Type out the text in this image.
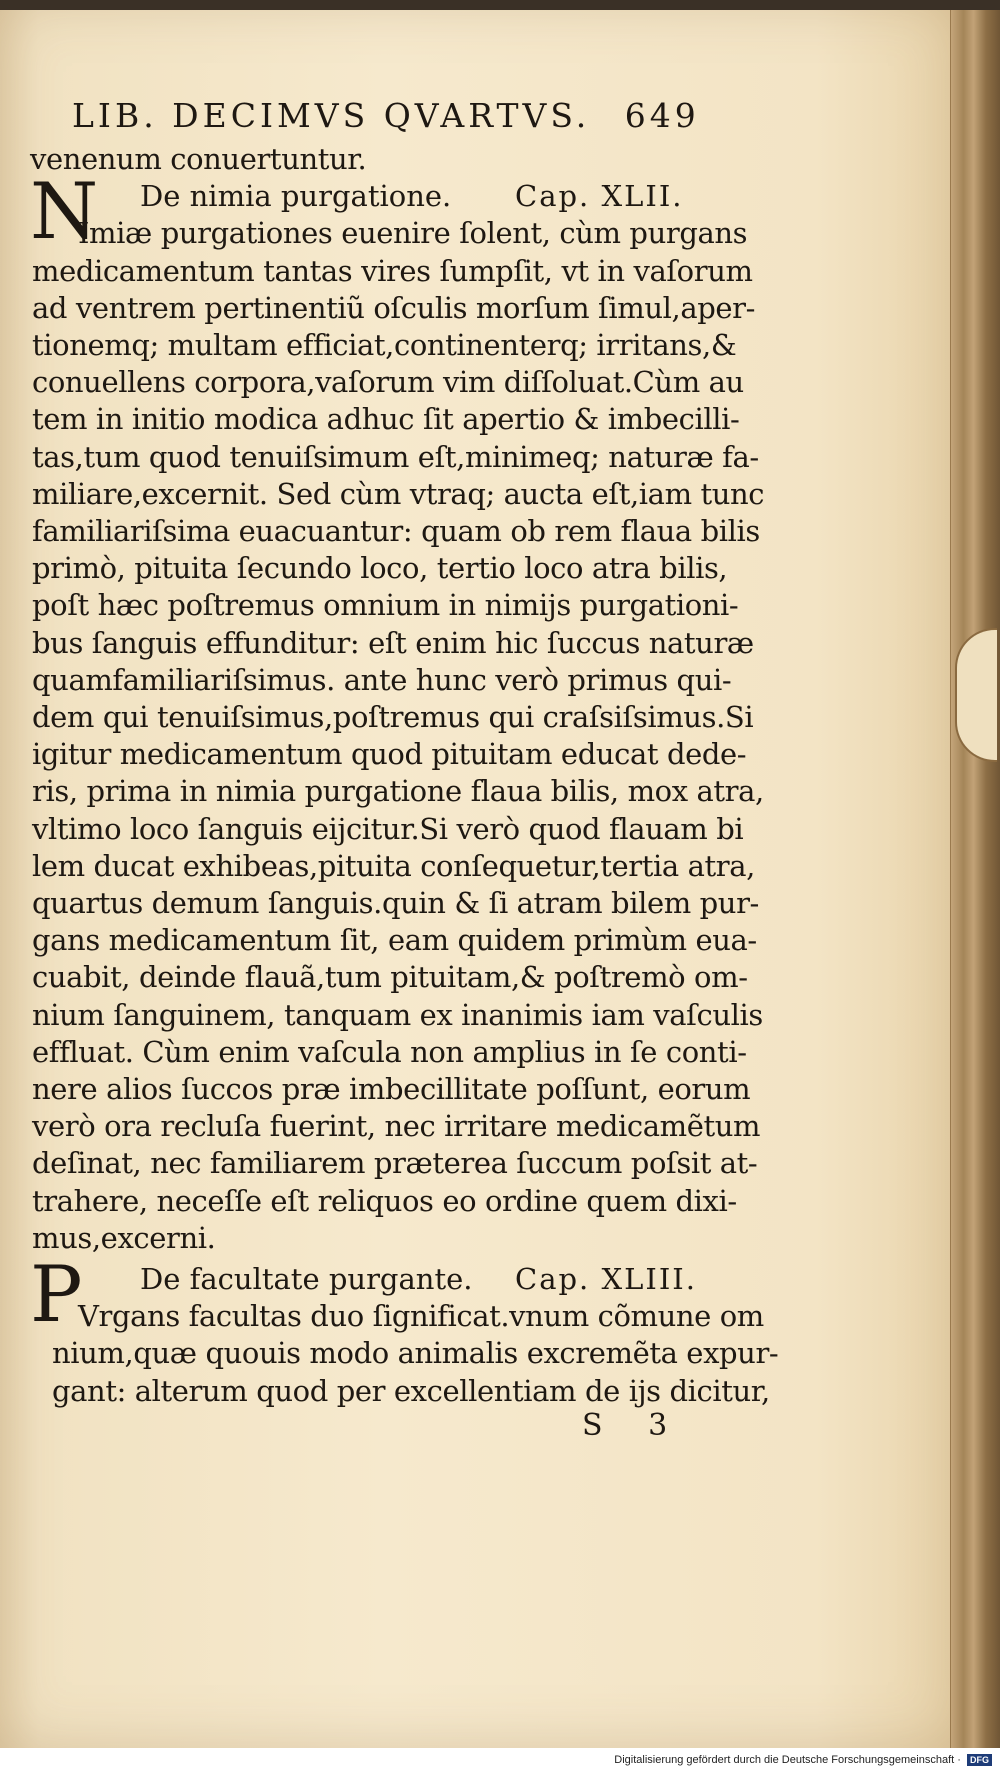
LIB. DECIMVS QVARTVS. 649
venenum conuertuntur.
De nimia purgatione. Cap. XLII.
N
Imiæ purgationes euenire ſolent, cùm purgans
medicamentum tantas vires ſumpſit, vt in vaſorum
ad ventrem pertinentiũ oſculis morſum ſimul,aper-
tionemq; multam efficiat,continenterq; irritans,&
conuellens corpora,vaſorum vim diſſoluat.Cùm au
tem in initio modica adhuc ſit apertio & imbecilli-
tas,tum quod tenuiſsimum eſt,minimeq; naturæ fa-
miliare,excernit. Sed cùm vtraq; aucta eſt,iam tunc
familiariſsima euacuantur: quam ob rem flaua bilis
primò, pituita ſecundo loco, tertio loco atra bilis,
poſt hæc poſtremus omnium in nimijs purgationi-
bus ſanguis effunditur: eſt enim hic ſuccus naturæ
quamfamiliariſsimus. ante hunc verò primus qui-
dem qui tenuiſsimus,poſtremus qui craſsiſsimus.Si
igitur medicamentum quod pituitam educat dede-
ris, prima in nimia purgatione flaua bilis, mox atra,
vltimo loco ſanguis eijcitur.Si verò quod flauam bi
lem ducat exhibeas,pituita conſequetur,tertia atra,
quartus demum ſanguis.quin & ſi atram bilem pur-
gans medicamentum ſit, eam quidem primùm eua-
cuabit, deinde flauã,tum pituitam,& poſtremò om-
nium ſanguinem, tanquam ex inanimis iam vaſculis
effluat. Cùm enim vaſcula non amplius in ſe conti-
nere alios ſuccos præ imbecillitate poſſunt, eorum
verò ora recluſa fuerint, nec irritare medicamẽtum
deſinat, nec familiarem præterea ſuccum poſsit at-
trahere, neceſſe eſt reliquos eo ordine quem dixi-
mus,excerni.
De facultate purgante. Cap. XLIII.
P
Vrgans facultas duo ſignificat.vnum cõmune om
nium,quæ quouis modo animalis excremẽta expur-
gant: alterum quod per excellentiam de ijs dicitur,
S 3
Digitalisierung gefördert durch die Deutsche Forschungsgemeinschaft · DFG
